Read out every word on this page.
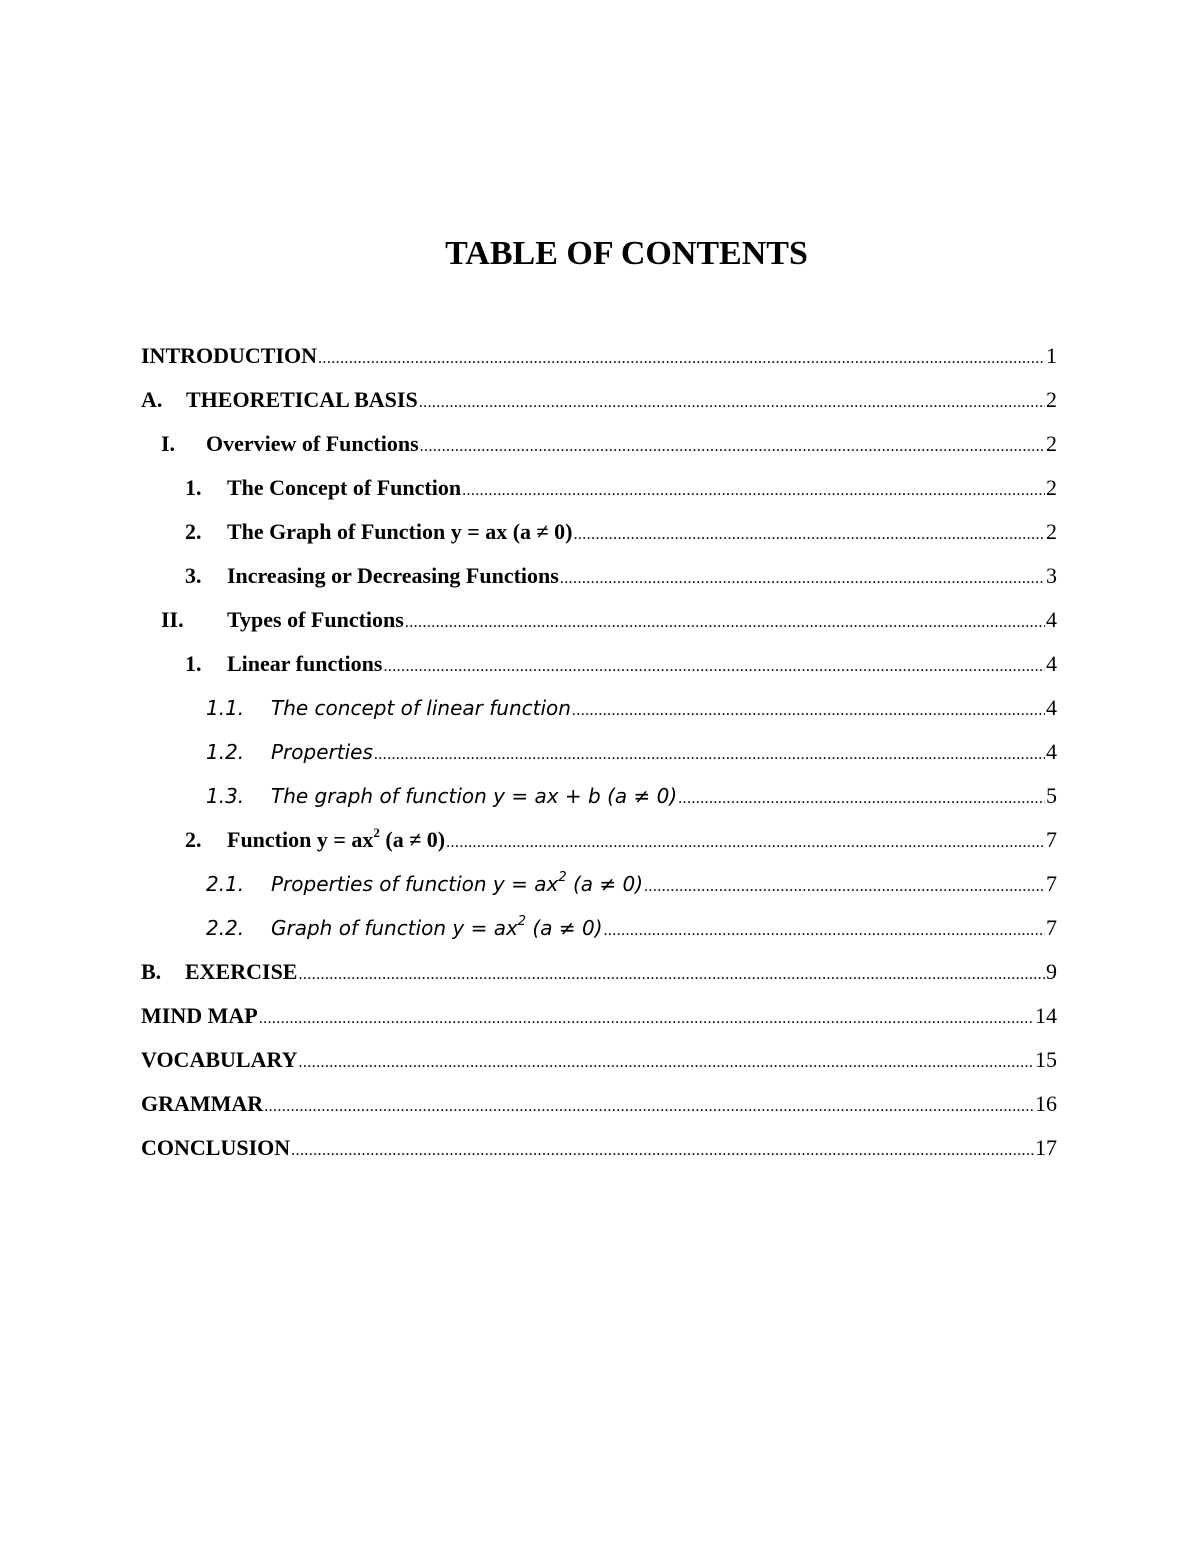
TABLE OF CONTENTS
INTRODUCTION .....	1
A.	THEORETICAL BASIS .....	2
I.	Overview of Functions .....	2
1.	The Concept of Function .....	2
2.	The Graph of Function y = ax (a ≠ 0) .....	2
3.	Increasing or Decreasing Functions .....	3
II.	Types of Functions .....	4
1.	Linear functions .....	4
1.1.	The concept of linear function .....	4
1.2.	Properties .....	4
1.3.	The graph of function y = ax + b (a ≠ 0) .....	5
2.	Function $y = ax^2$ (a ≠ 0) .....	7
2.1.	Properties of function $y = ax^2$ (a ≠ 0) .....	7
2.2.	Graph of function $y = ax^2$ (a ≠ 0) .....	7
B.	EXERCISE .....	9
MIND MAP .....	14
VOCABULARY .....	15
GRAMMAR .....	16
CONCLUSION .....	17
